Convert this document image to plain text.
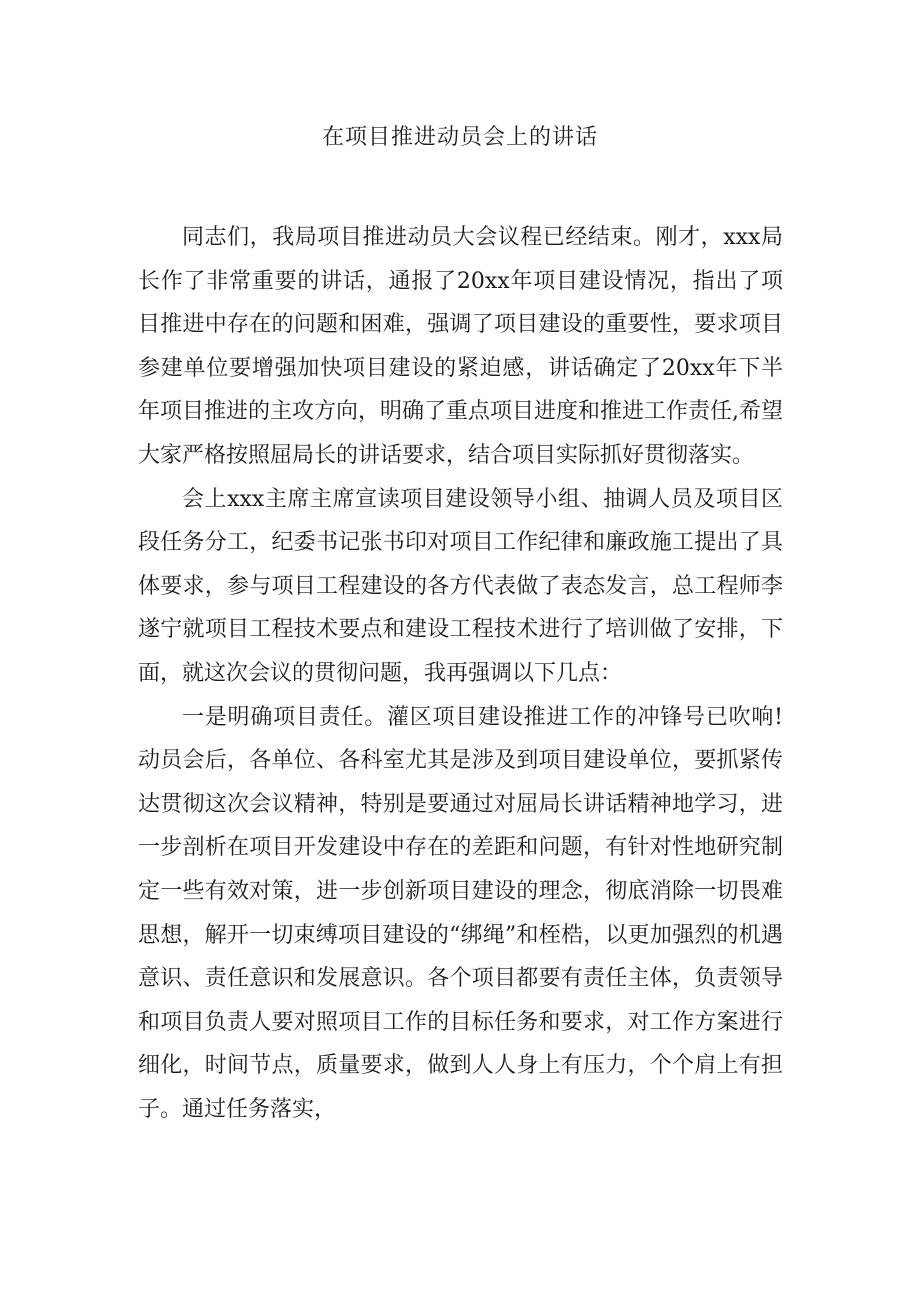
在项目推进动员会上的讲话

同志们，我局项目推进动员大会议程已经结束。刚才，xxx局长作了非常重要的讲话，通报了20xx年项目建设情况，指出了项目推进中存在的问题和困难，强调了项目建设的重要性，要求项目参建单位要增强加快项目建设的紧迫感，讲话确定了20xx年下半年项目推进的主攻方向，明确了重点项目进度和推进工作责任,希望大家严格按照屈局长的讲话要求，结合项目实际抓好贯彻落实。

会上xxx主席主席宣读项目建设领导小组、抽调人员及项目区段任务分工，纪委书记张书印对项目工作纪律和廉政施工提出了具体要求，参与项目工程建设的各方代表做了表态发言，总工程师李遂宁就项目工程技术要点和建设工程技术进行了培训做了安排，下面，就这次会议的贯彻问题，我再强调以下几点：

一是明确项目责任。灌区项目建设推进工作的冲锋号已吹响!动员会后，各单位、各科室尤其是涉及到项目建设单位，要抓紧传达贯彻这次会议精神，特别是要通过对屈局长讲话精神地学习，进一步剖析在项目开发建设中存在的差距和问题，有针对性地研究制定一些有效对策，进一步创新项目建设的理念，彻底消除一切畏难思想，解开一切束缚项目建设的“绑绳”和桎梏，以更加强烈的机遇意识、责任意识和发展意识。各个项目都要有责任主体，负责领导和项目负责人要对照项目工作的目标任务和要求，对工作方案进行细化，时间节点，质量要求，做到人人身上有压力，个个肩上有担子。通过任务落实，
